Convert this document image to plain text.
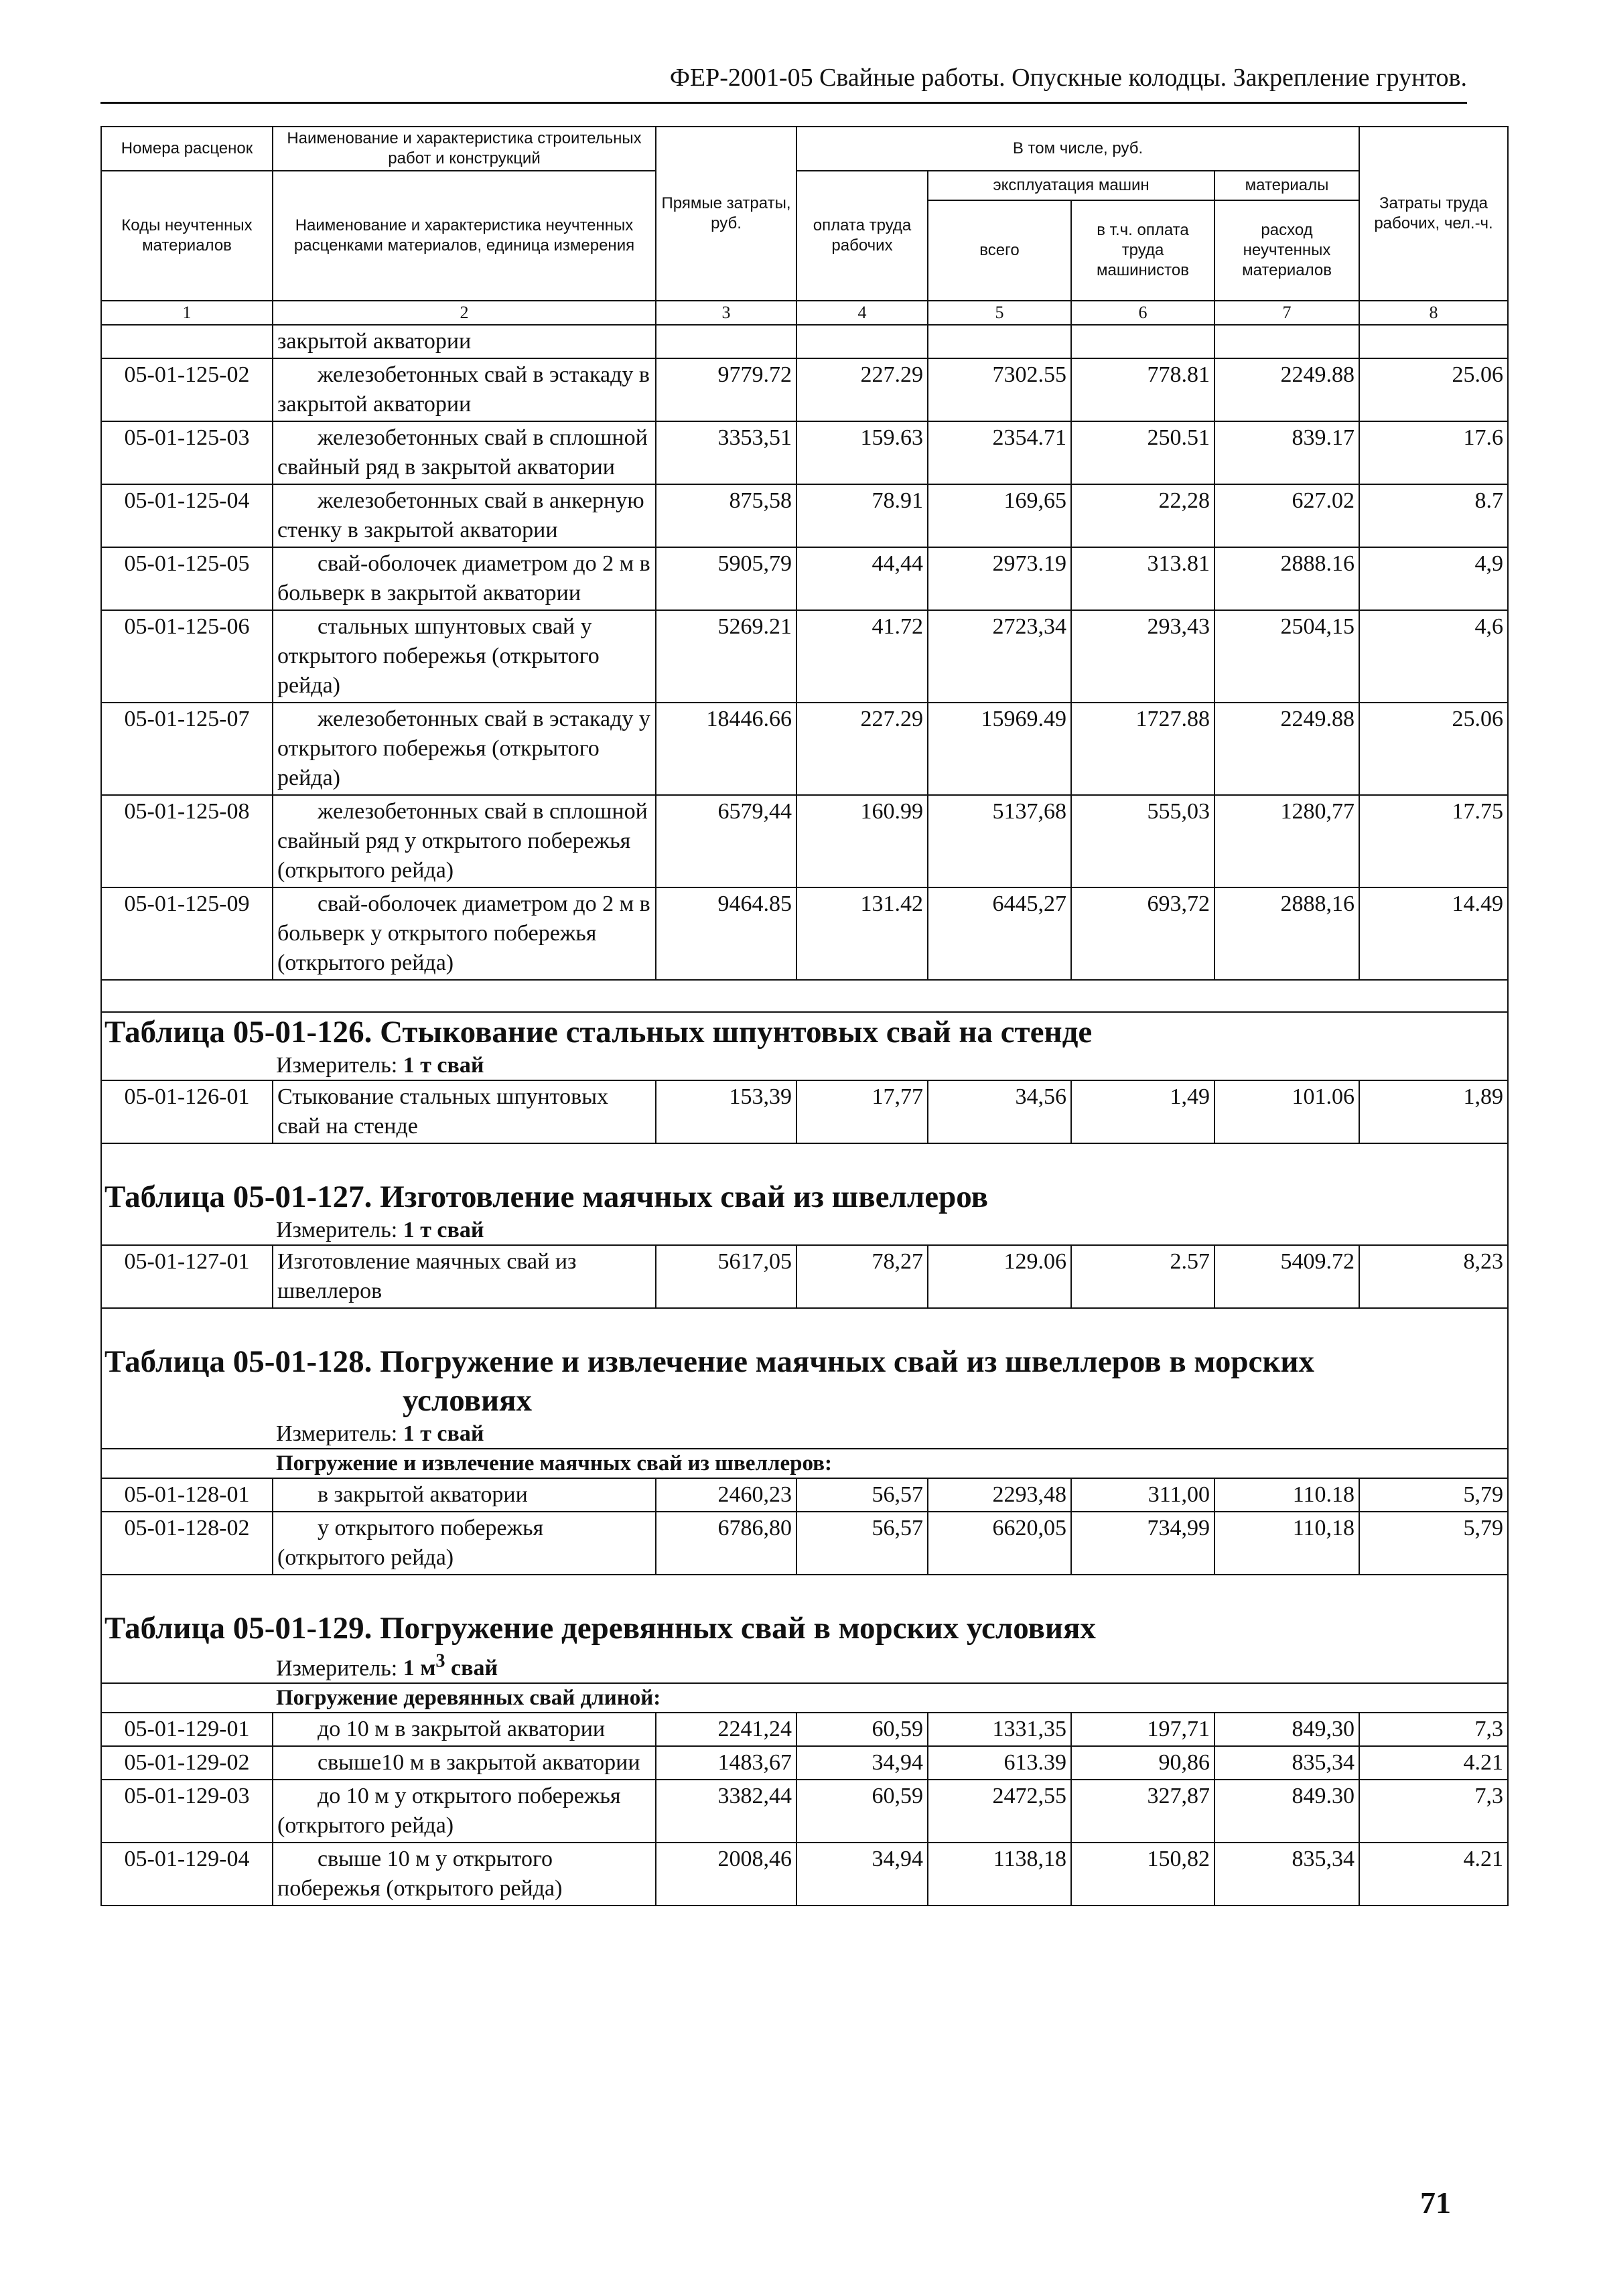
ФЕР-2001-05 Свайные работы. Опускные колодцы. Закрепление грунтов.
Номера расценок	Наименование и характеристика строительных работ и конструкций	Прямые затраты, руб.	В том числе, руб.				Затраты труда рабочих, чел.-ч.
Коды неучтенных материалов	Наименование и характеристика неучтенных расценками материалов, единица измерения		оплата труда рабочих	эксплуатация машин		материалы	
				всего	в т.ч. оплата труда машинистов	расход неучтенных материалов	
1	2	3	4	5	6	7	8
	закрытой акватории						
05-01-125-02	железобетонных свай в эстакаду в закрытой акватории	9779.72	227.29	7302.55	778.81	2249.88	25.06
05-01-125-03	железобетонных свай в сплошной свайный ряд в закрытой акватории	3353,51	159.63	2354.71	250.51	839.17	17.6
05-01-125-04	железобетонных свай в анкерную стенку в закрытой акватории	875,58	78.91	169,65	22,28	627.02	8.7
05-01-125-05	свай-оболочек диаметром до 2 м в больверк в закрытой акватории	5905,79	44,44	2973.19	313.81	2888.16	4,9
05-01-125-06	стальных шпунтовых свай у открытого побережья (открытого рейда)	5269.21	41.72	2723,34	293,43	2504,15	4,6
05-01-125-07	железобетонных свай в эстакаду у открытого побережья (открытого рейда)	18446.66	227.29	15969.49	1727.88	2249.88	25.06
05-01-125-08	железобетонных свай в сплошной свайный ряд у открытого побережья (открытого рейда)	6579,44	160.99	5137,68	555,03	1280,77	17.75
05-01-125-09	свай-оболочек диаметром до 2 м в больверк у открытого побережья (открытого рейда)	9464.85	131.42	6445,27	693,72	2888,16	14.49

Таблица 05-01-126. Стыкование стальных шпунтовых свай на стенде							

Измеритель: 1 т свай							

05-01-126-01	Стыкование стальных шпунтовых свай на стенде	153,39	17,77	34,56	1,49	101.06	1,89

Таблица 05-01-127. Изготовление маячных свай из швеллеров							

Измеритель: 1 т свай							

05-01-127-01	Изготовление маячных свай из швеллеров	5617,05	78,27	129.06	2.57	5409.72	8,23

Таблица 05-01-128. Погружение и извлечение маячных свай из швеллеров в морских
условиях							

Измеритель: 1 т свай							

Погружение и извлечение маячных свай из швеллеров:							
05-01-128-01	в закрытой акватории	2460,23	56,57	2293,48	311,00	110.18	5,79
05-01-128-02	у открытого побережья (открытого рейда)	6786,80	56,57	6620,05	734,99	110,18	5,79

Таблица 05-01-129. Погружение деревянных свай в морских условиях							

Измеритель: 1 $м^3$ свай							

Погружение деревянных свай длиной:							
05-01-129-01	до 10 м в закрытой акватории	2241,24	60,59	1331,35	197,71	849,30	7,3
05-01-129-02	свыше10 м в закрытой акватории	1483,67	34,94	613.39	90,86	835,34	4.21
05-01-129-03	до 10 м у открытого побережья (открытого рейда)	3382,44	60,59	2472,55	327,87	849.30	7,3
05-01-129-04	свыше 10 м у открытого побережья (открытого рейда)	2008,46	34,94	1138,18	150,82	835,34	4.21
71
